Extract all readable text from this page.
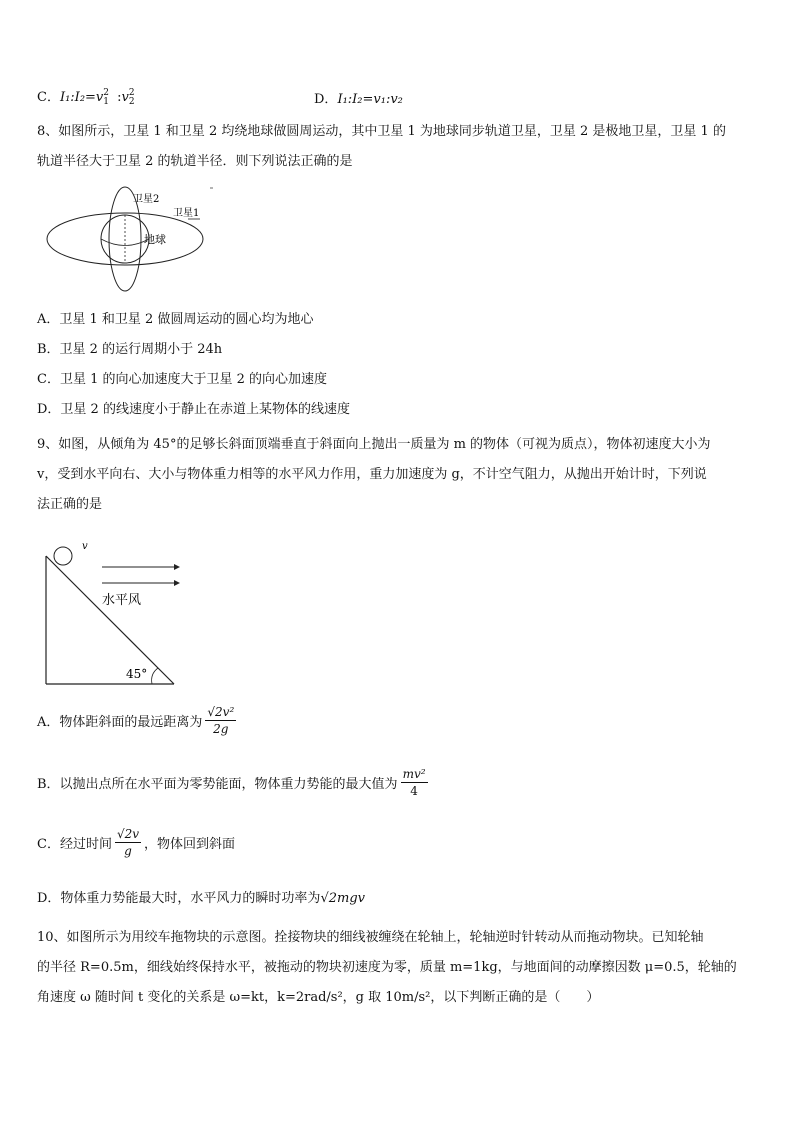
C．I₁:I₂=v 2
1 :v 2
2	D．I₁:I₂=v₁:v₂
8、如图所示，卫星 1 和卫星 2 均绕地球做圆周运动，其中卫星 1 为地球同步轨道卫星，卫星 2 是极地卫星，卫星 1 的
轨道半径大于卫星 2 的轨道半径．则下列说法正确的是
卫星2
卫星1
地球
A．卫星 1 和卫星 2 做圆周运动的圆心均为地心
B．卫星 2 的运行周期小于 24h
C．卫星 1 的向心加速度大于卫星 2 的向心加速度
D．卫星 2 的线速度小于静止在赤道上某物体的线速度
9、如图，从倾角为 45°的足够长斜面顶端垂直于斜面向上抛出一质量为 m 的物体（可视为质点），物体初速度大小为
v，受到水平向右、大小与物体重力相等的水平风力作用，重力加速度为 g，不计空气阻力，从抛出开始计时，下列说
法正确的是
v
水平风
45°
A．物体距斜面的最远距离为 $\frac{\text{√2v²}}{2g}$
B．以抛出点所在水平面为零势能面，物体重力势能的最大值为 $\frac{\text{mv²}}{4}$
C．经过时间 $\frac{√2v}{g}$ ，物体回到斜面
D．物体重力势能最大时，水平风力的瞬时功率为√2mgv
10、如图所示为用绞车拖物块的示意图。拴接物块的细线被缠绕在轮轴上，轮轴逆时针转动从而拖动物块。已知轮轴
的半径 R=0.5m，细线始终保持水平，被拖动的物块初速度为零，质量 m=1kg，与地面间的动摩擦因数 μ=0.5，轮轴的
角速度 ω 随时间 t 变化的关系是 ω=kt，k=2rad/s²，g 取 10m/s²，以下判断正确的是（　　）
